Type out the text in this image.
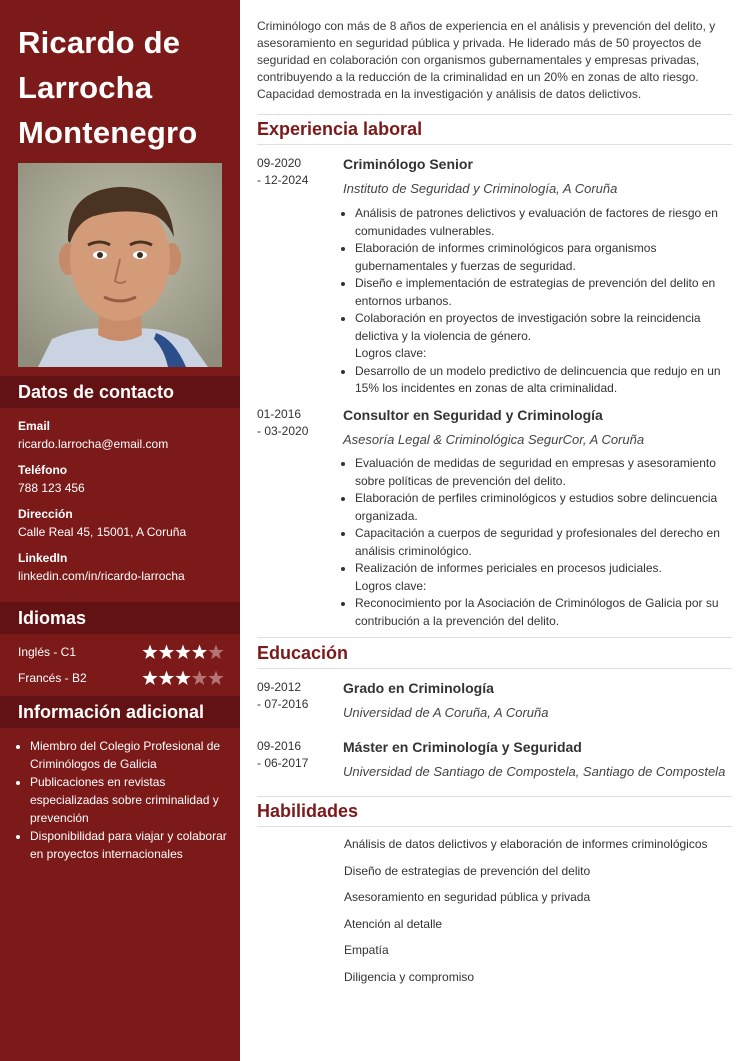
Ricardo de Larrocha Montenegro
Datos de contacto
Email
ricardo.larrocha@email.com
Teléfono
788 123 456
Dirección
Calle Real 45, 15001, A Coruña
LinkedIn
linkedin.com/in/ricardo-larrocha
Idiomas
Inglés - C1
Francés - B2
Información adicional
• Miembro del Colegio Profesional de Criminólogos de Galicia
• Publicaciones en revistas especializadas sobre criminalidad y prevención
• Disponibilidad para viajar y colaborar en proyectos internacionales

Criminólogo con más de 8 años de experiencia en el análisis y prevención del delito, y asesoramiento en seguridad pública y privada. He liderado más de 50 proyectos de seguridad en colaboración con organismos gubernamentales y empresas privadas, contribuyendo a la reducción de la criminalidad en un 20% en zonas de alto riesgo. Capacidad demostrada en la investigación y análisis de datos delictivos.

Experiencia laboral
09-2020
- 12-2024
Criminólogo Senior
Instituto de Seguridad y Criminología, A Coruña
• Análisis de patrones delictivos y evaluación de factores de riesgo en comunidades vulnerables.
• Elaboración de informes criminológicos para organismos gubernamentales y fuerzas de seguridad.
• Diseño e implementación de estrategias de prevención del delito en entornos urbanos.
• Colaboración en proyectos de investigación sobre la reincidencia delictiva y la violencia de género.
Logros clave:
• Desarrollo de un modelo predictivo de delincuencia que redujo en un 15% los incidentes en zonas de alta criminalidad.
01-2016
- 03-2020
Consultor en Seguridad y Criminología
Asesoría Legal & Criminológica SegurCor, A Coruña
• Evaluación de medidas de seguridad en empresas y asesoramiento sobre políticas de prevención del delito.
• Elaboración de perfiles criminológicos y estudios sobre delincuencia organizada.
• Capacitación a cuerpos de seguridad y profesionales del derecho en análisis criminológico.
• Realización de informes periciales en procesos judiciales.
Logros clave:
• Reconocimiento por la Asociación de Criminólogos de Galicia por su contribución a la prevención del delito.
Educación
09-2012
- 07-2016
Grado en Criminología
Universidad de A Coruña, A Coruña
09-2016
- 06-2017
Máster en Criminología y Seguridad
Universidad de Santiago de Compostela, Santiago de Compostela
Habilidades
Análisis de datos delictivos y elaboración de informes criminológicos
Diseño de estrategias de prevención del delito
Asesoramiento en seguridad pública y privada
Atención al detalle
Empatía
Diligencia y compromiso
